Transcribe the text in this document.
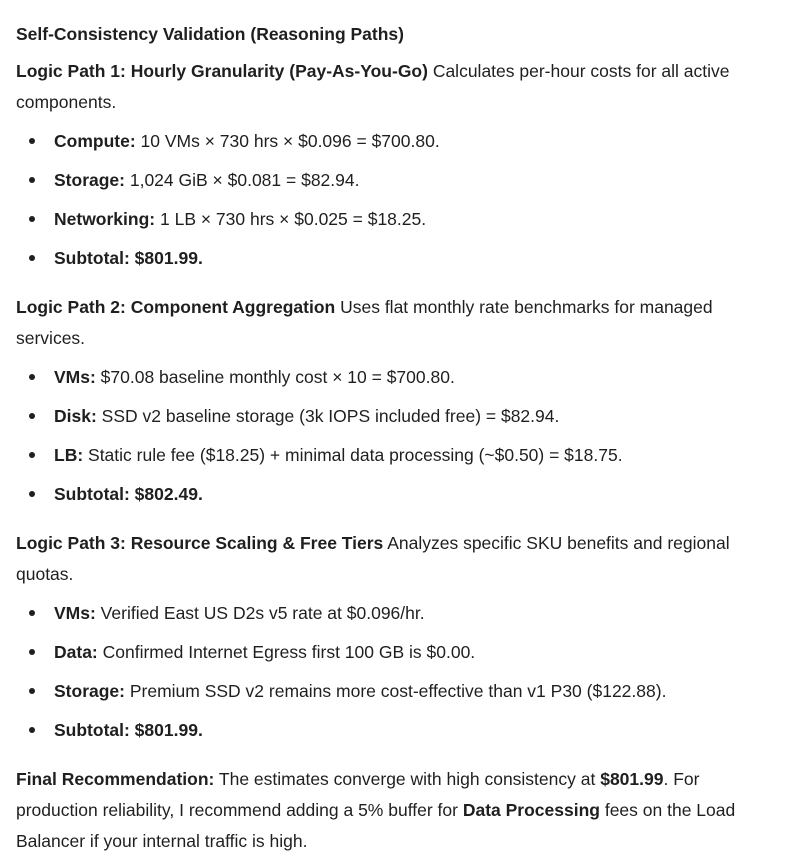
Self-Consistency Validation (Reasoning Paths)

Logic Path 1: Hourly Granularity (Pay-As-You-Go) Calculates per-hour costs for all active components.

Compute: 10 VMs × 730 hrs × $0.096 = $700.80.
Storage: 1,024 GiB × $0.081 = $82.94.
Networking: 1 LB × 730 hrs × $0.025 = $18.25.
Subtotal: $801.99.

Logic Path 2: Component Aggregation Uses flat monthly rate benchmarks for managed services.

VMs: $70.08 baseline monthly cost × 10 = $700.80.
Disk: SSD v2 baseline storage (3k IOPS included free) = $82.94.
LB: Static rule fee ($18.25) + minimal data processing (~$0.50) = $18.75.
Subtotal: $802.49.

Logic Path 3: Resource Scaling & Free Tiers Analyzes specific SKU benefits and regional quotas.

VMs: Verified East US D2s v5 rate at $0.096/hr.
Data: Confirmed Internet Egress first 100 GB is $0.00.
Storage: Premium SSD v2 remains more cost-effective than v1 P30 ($122.88).
Subtotal: $801.99.

Final Recommendation: The estimates converge with high consistency at $801.99. For production reliability, I recommend adding a 5% buffer for Data Processing fees on the Load Balancer if your internal traffic is high.
